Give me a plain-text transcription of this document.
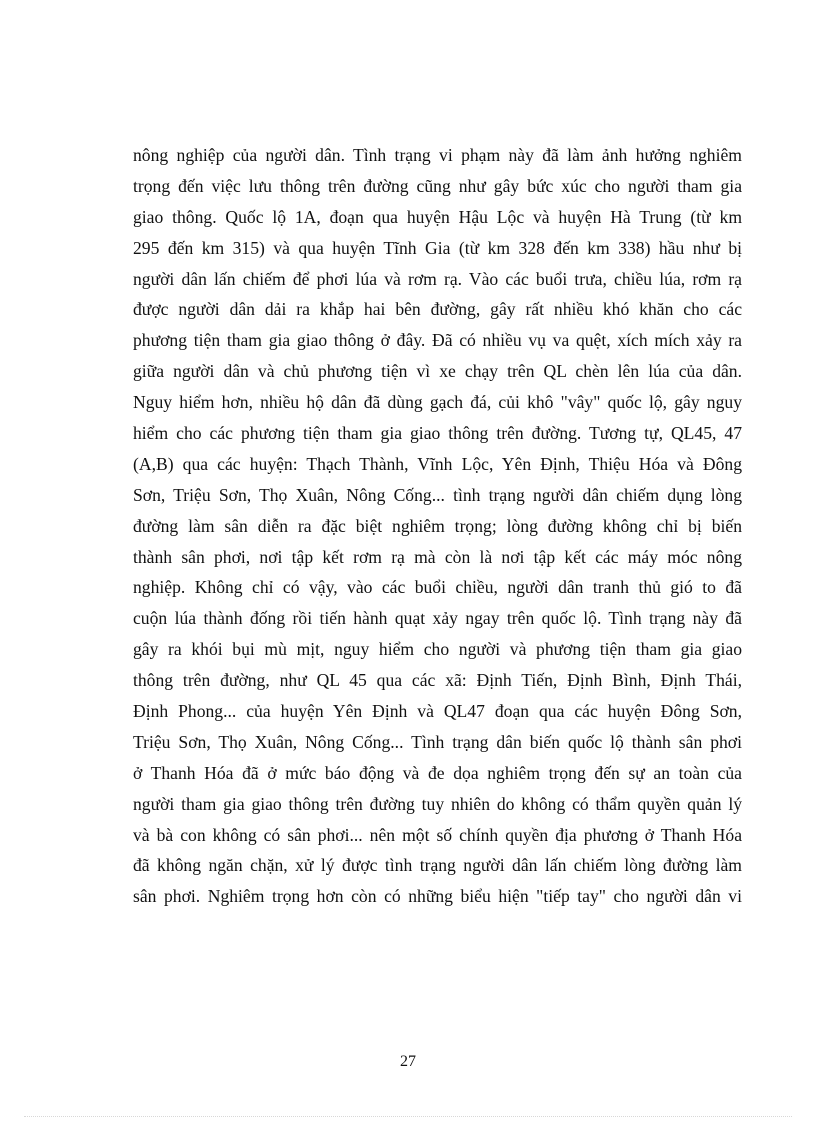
nông nghiệp của người dân. Tình trạng vi phạm này đã làm ảnh hưởng nghiêm
trọng đến việc lưu thông trên đường cũng như gây bức xúc cho người tham gia
giao thông. Quốc lộ 1A, đoạn qua huyện Hậu Lộc và huyện Hà Trung (từ km
295 đến km 315) và qua huyện Tĩnh Gia (từ km 328 đến km 338) hầu như bị
người dân lấn chiếm để phơi lúa và rơm rạ. Vào các buổi trưa, chiều lúa, rơm rạ
được người dân dải ra khắp hai bên đường, gây rất nhiều khó khăn cho các
phương tiện tham gia giao thông ở đây. Đã có nhiều vụ va quệt, xích mích xảy ra
giữa người dân và chủ phương tiện vì xe chạy trên QL chèn lên lúa của dân.
Nguy hiểm hơn, nhiều hộ dân đã dùng gạch đá, củi khô "vây" quốc lộ, gây nguy
hiểm cho các phương tiện tham gia giao thông trên đường. Tương tự, QL45, 47
(A,B) qua các huyện: Thạch Thành, Vĩnh Lộc, Yên Định, Thiệu Hóa và Đông
Sơn, Triệu Sơn, Thọ Xuân, Nông Cống... tình trạng người dân chiếm dụng lòng
đường làm sân diễn ra đặc biệt nghiêm trọng; lòng đường không chỉ bị biến
thành sân phơi, nơi tập kết rơm rạ mà còn là nơi tập kết các máy móc nông
nghiệp. Không chỉ có vậy, vào các buổi chiều, người dân tranh thủ gió to đã
cuộn lúa thành đống rồi tiến hành quạt xảy ngay trên quốc lộ. Tình trạng này đã
gây ra khói bụi mù mịt, nguy hiểm cho người và phương tiện tham gia giao
thông trên đường, như QL 45 qua các xã: Định Tiến, Định Bình, Định Thái,
Định Phong... của huyện Yên Định và QL47 đoạn qua các huyện Đông Sơn,
Triệu Sơn, Thọ Xuân, Nông Cống... Tình trạng dân biến quốc lộ thành sân phơi
ở Thanh Hóa đã ở mức báo động và đe dọa nghiêm trọng đến sự an toàn của
người tham gia giao thông trên đường tuy nhiên do không có thẩm quyền quản lý
và bà con không có sân phơi... nên một số chính quyền địa phương ở Thanh Hóa
đã không ngăn chặn, xử lý được tình trạng người dân lấn chiếm lòng đường làm
sân phơi. Nghiêm trọng hơn còn có những biểu hiện "tiếp tay" cho người dân vi
27
